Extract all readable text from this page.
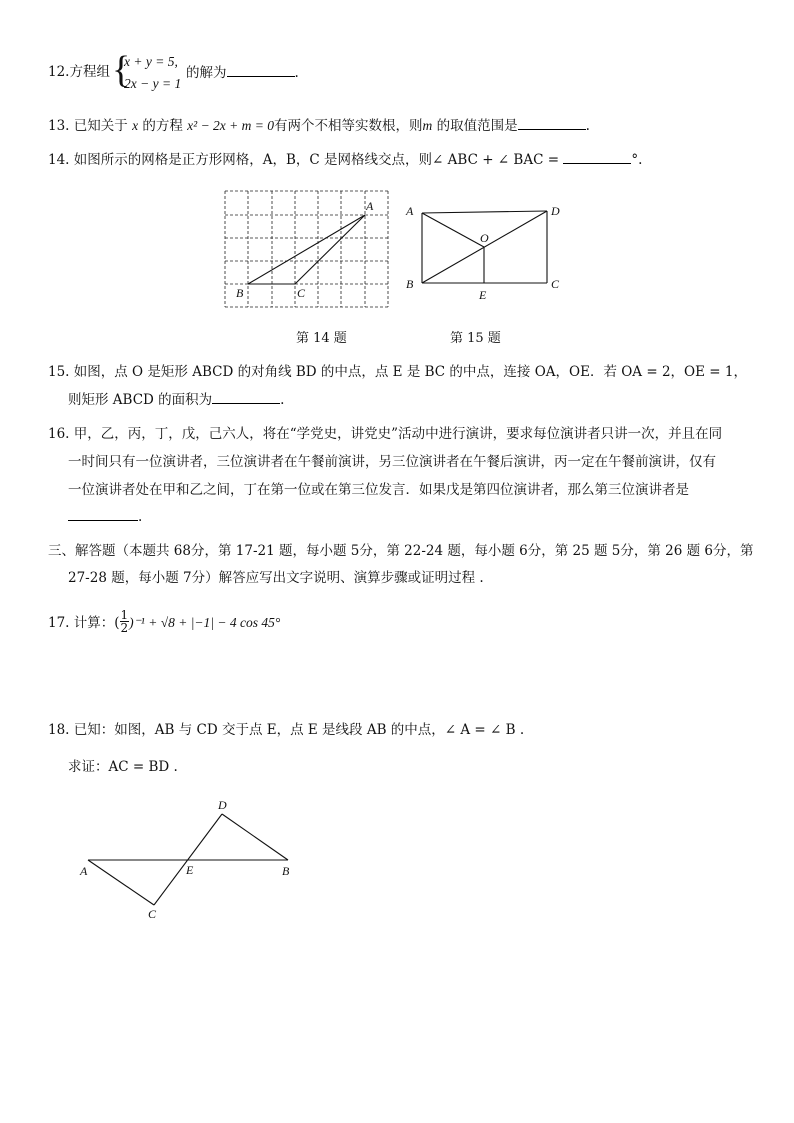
12.方程组 {
x + y = 5,
2x − y = 1
的解为	.
13. 已知关于 x 的方程 x² − 2x + m = 0有两个不相等实数根，则m 的取值范围是	.
14. 如图所示的网格是正方形网格，A，B，C 是网格线交点，则∠ ABC + ∠ BAC =	°.
A
B	C
第 14 题
A	D
O
B	C
E
第 15 题
15. 如图，点 O 是矩形 ABCD 的对角线 BD 的中点，点 E 是 BC 的中点，连接 OA，OE．若 OA = 2，OE = 1，
则矩形 ABCD 的面积为	.
16. 甲，乙，丙，丁，戊，己六人，将在“学党史，讲党史”活动中进行演讲，要求每位演讲者只讲一次，并且在同
一时间只有一位演讲者，三位演讲者在午餐前演讲，另三位演讲者在午餐后演讲，丙一定在午餐前演讲，仅有
一位演讲者处在甲和乙之间，丁在第一位或在第三位发言．如果戊是第四位演讲者，那么第三位演讲者是
.
三、解答题（本题共 68分，第 17-21 题，每小题 5分，第 22-24 题，每小题 6分，第 25 题 5分，第 26 题 6分，第
27-28 题，每小题 7分）解答应写出文字说明、演算步骤或证明过程 .
17. 计算：( $\frac{1}{2} )^{-1} + √8 + |-1| - 4$ cos 45°
18. 已知：如图，AB 与 CD 交于点 E，点 E 是线段 AB 的中点，∠ A = ∠ B .
求证：AC = BD .
D
A	E	B
C
